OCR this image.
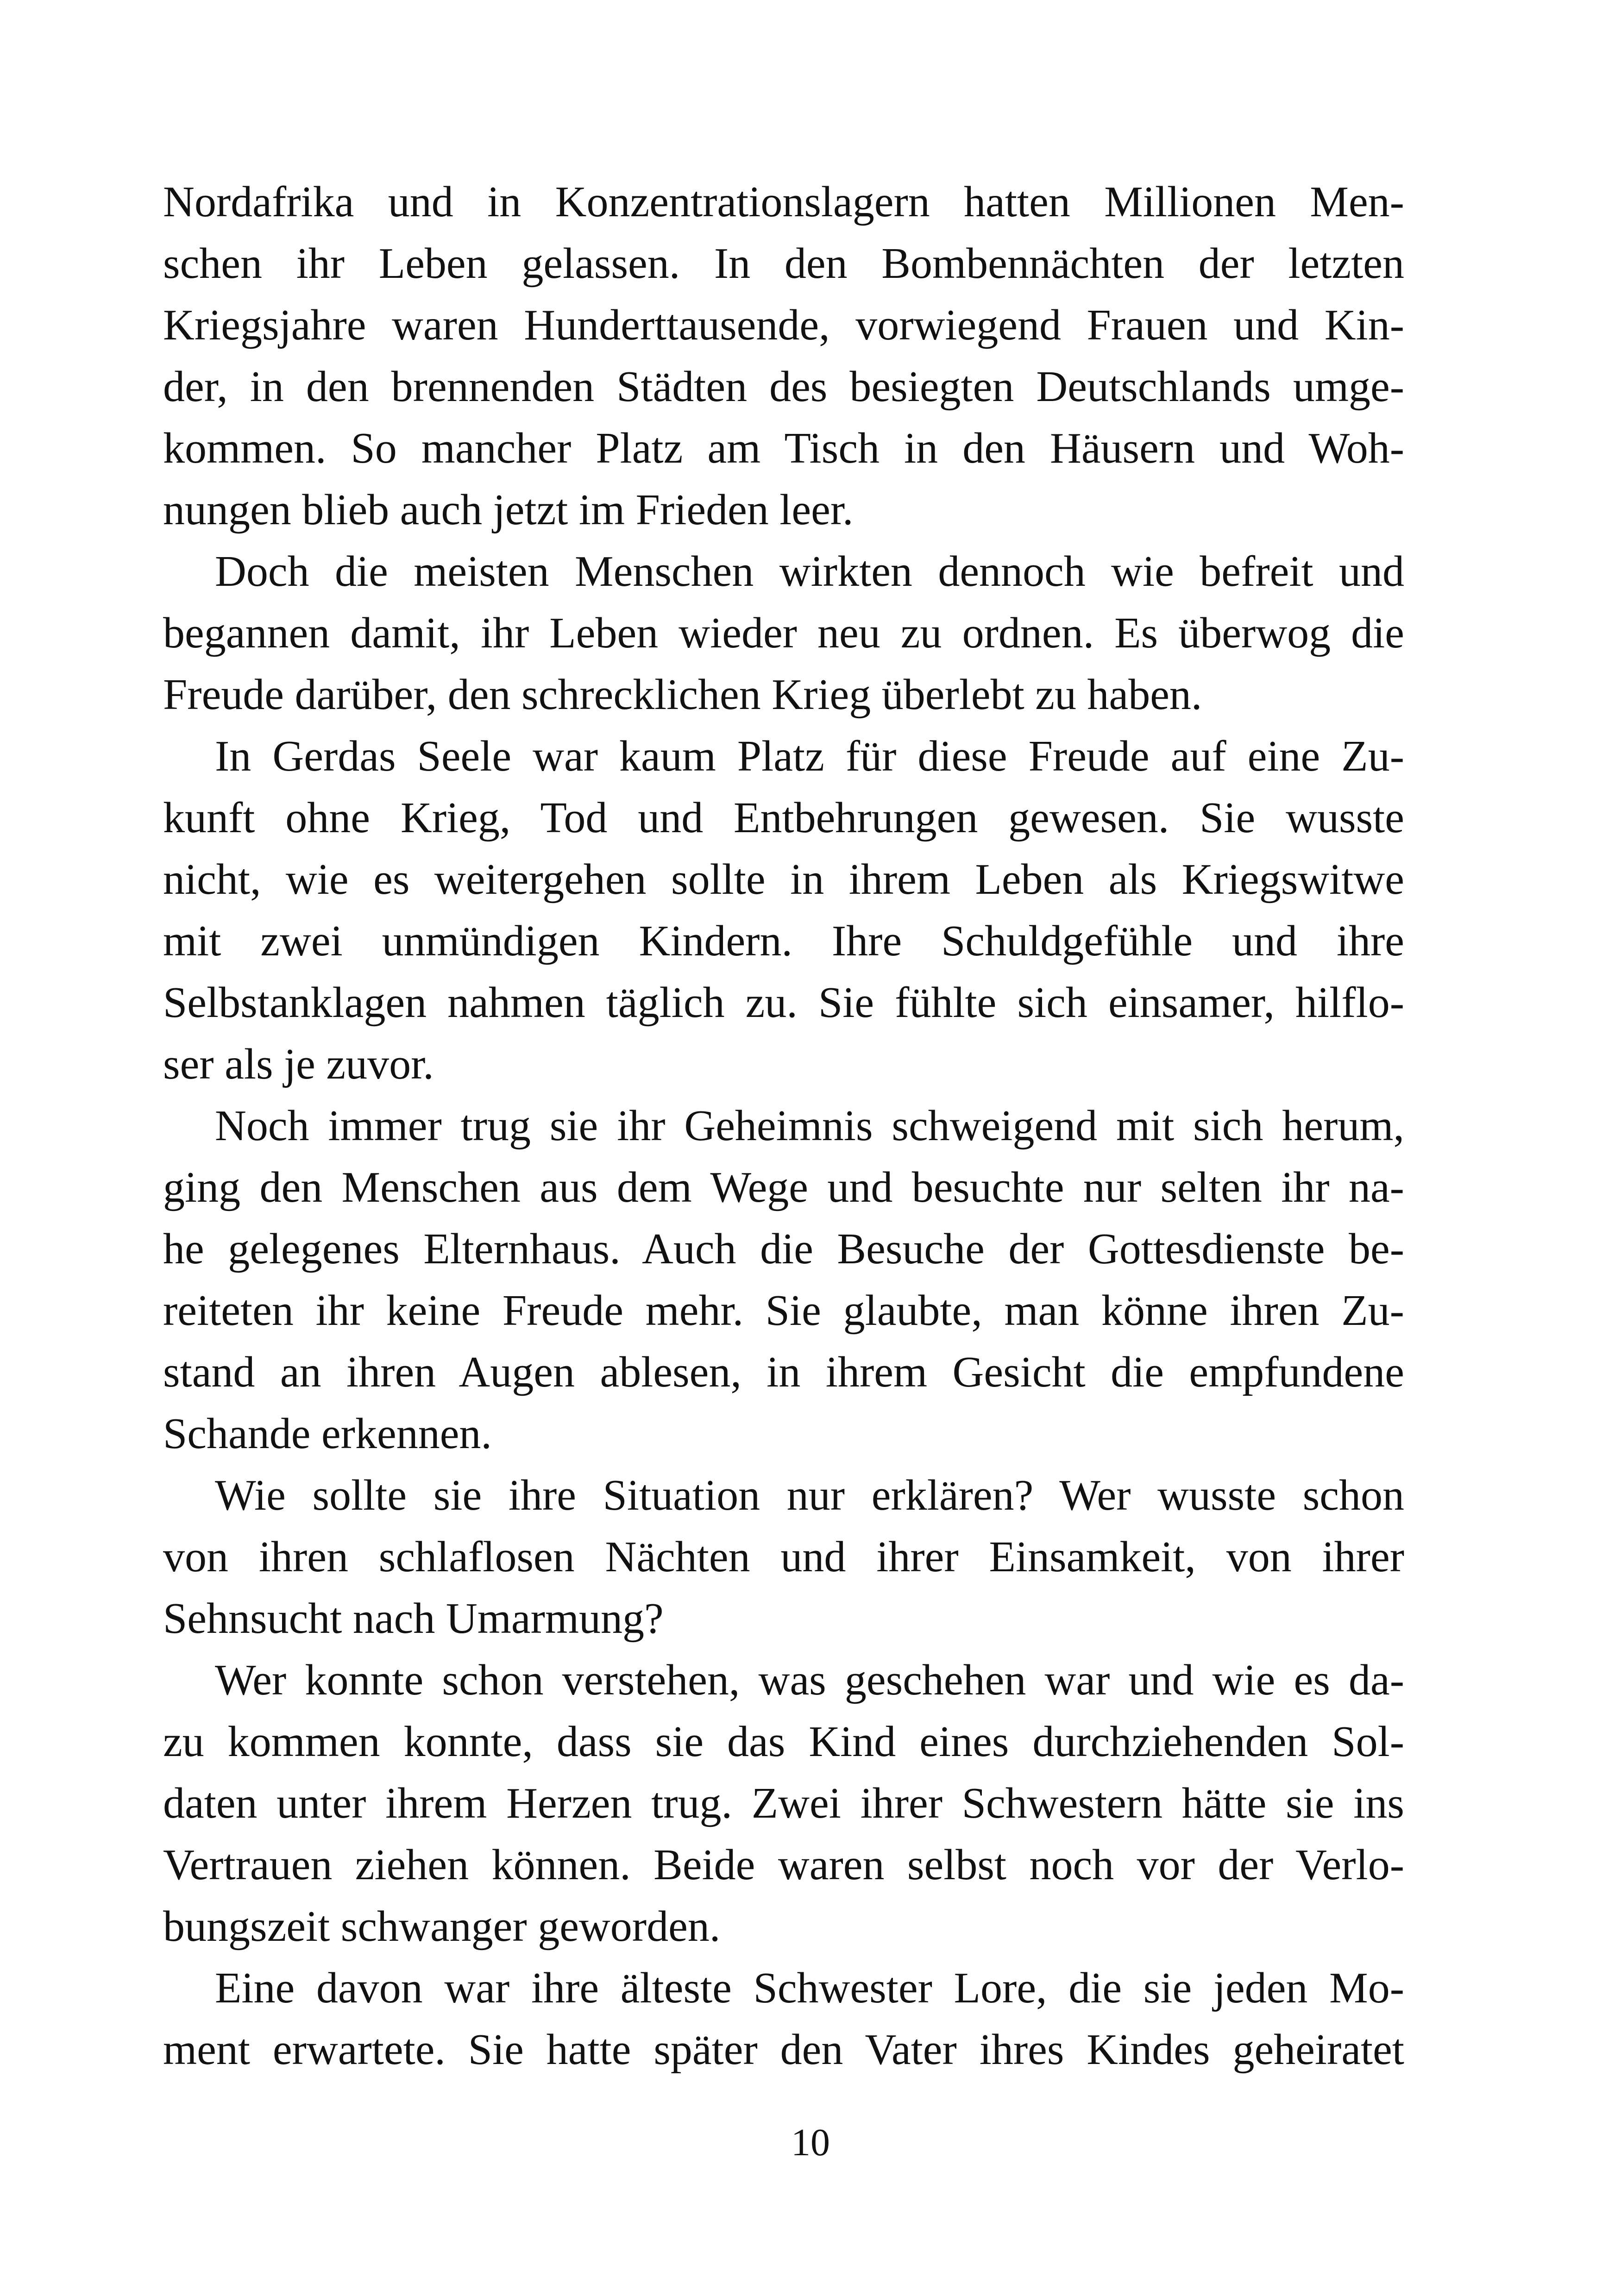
Nordafrika und in Konzentrationslagern hatten Millionen Men-
schen ihr Leben gelassen. In den Bombennächten der letzten
Kriegsjahre waren Hunderttausende, vorwiegend Frauen und Kin-
der, in den brennenden Städten des besiegten Deutschlands umge-
kommen. So mancher Platz am Tisch in den Häusern und Woh-
nungen blieb auch jetzt im Frieden leer.
Doch die meisten Menschen wirkten dennoch wie befreit und
begannen damit, ihr Leben wieder neu zu ordnen. Es überwog die
Freude darüber, den schrecklichen Krieg überlebt zu haben.
In Gerdas Seele war kaum Platz für diese Freude auf eine Zu-
kunft ohne Krieg, Tod und Entbehrungen gewesen. Sie wusste
nicht, wie es weitergehen sollte in ihrem Leben als Kriegswitwe
mit zwei unmündigen Kindern. Ihre Schuldgefühle und ihre
Selbstanklagen nahmen täglich zu. Sie fühlte sich einsamer, hilflo-
ser als je zuvor.
Noch immer trug sie ihr Geheimnis schweigend mit sich herum,
ging den Menschen aus dem Wege und besuchte nur selten ihr na-
he gelegenes Elternhaus. Auch die Besuche der Gottesdienste be-
reiteten ihr keine Freude mehr. Sie glaubte, man könne ihren Zu-
stand an ihren Augen ablesen, in ihrem Gesicht die empfundene
Schande erkennen.
Wie sollte sie ihre Situation nur erklären? Wer wusste schon
von ihren schlaflosen Nächten und ihrer Einsamkeit, von ihrer
Sehnsucht nach Umarmung?
Wer konnte schon verstehen, was geschehen war und wie es da-
zu kommen konnte, dass sie das Kind eines durchziehenden Sol-
daten unter ihrem Herzen trug. Zwei ihrer Schwestern hätte sie ins
Vertrauen ziehen können. Beide waren selbst noch vor der Verlo-
bungszeit schwanger geworden.
Eine davon war ihre älteste Schwester Lore, die sie jeden Mo-
ment erwartete. Sie hatte später den Vater ihres Kindes geheiratet
10
